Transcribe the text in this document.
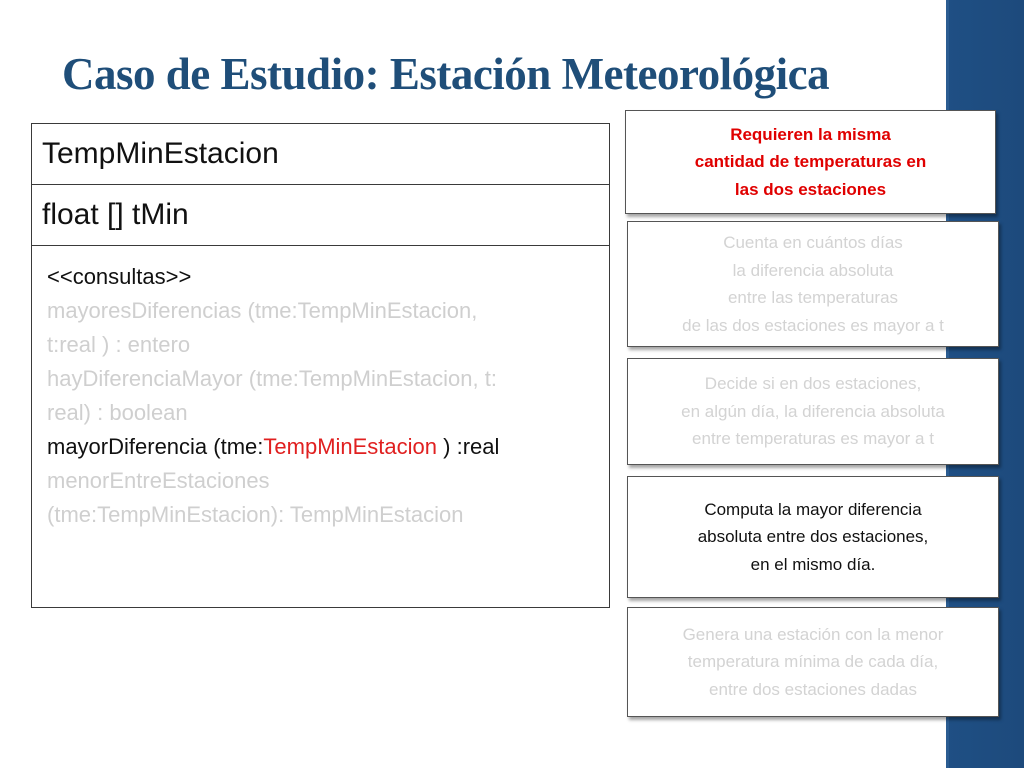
Caso de Estudio: Estación Meteorológica
TempMinEstacion
float [] tMin
<<consultas>>
mayoresDiferencias (tme:TempMinEstacion,
t:real ) : entero
hayDiferenciaMayor (tme:TempMinEstacion, t:
real) : boolean
mayorDiferencia (tme:TempMinEstacion ) :real
menorEntreEstaciones
(tme:TempMinEstacion): TempMinEstacion
Requieren la misma
cantidad de temperaturas en
las dos estaciones
Cuenta en cuántos días
la diferencia absoluta
entre las temperaturas
de las dos estaciones es mayor a t
Decide si en dos estaciones,
en algún día, la diferencia absoluta
entre temperaturas es mayor a t
Computa la mayor diferencia
absoluta entre dos estaciones,
en el mismo día.
Genera una estación con la menor
temperatura mínima de cada día,
entre dos estaciones dadas
